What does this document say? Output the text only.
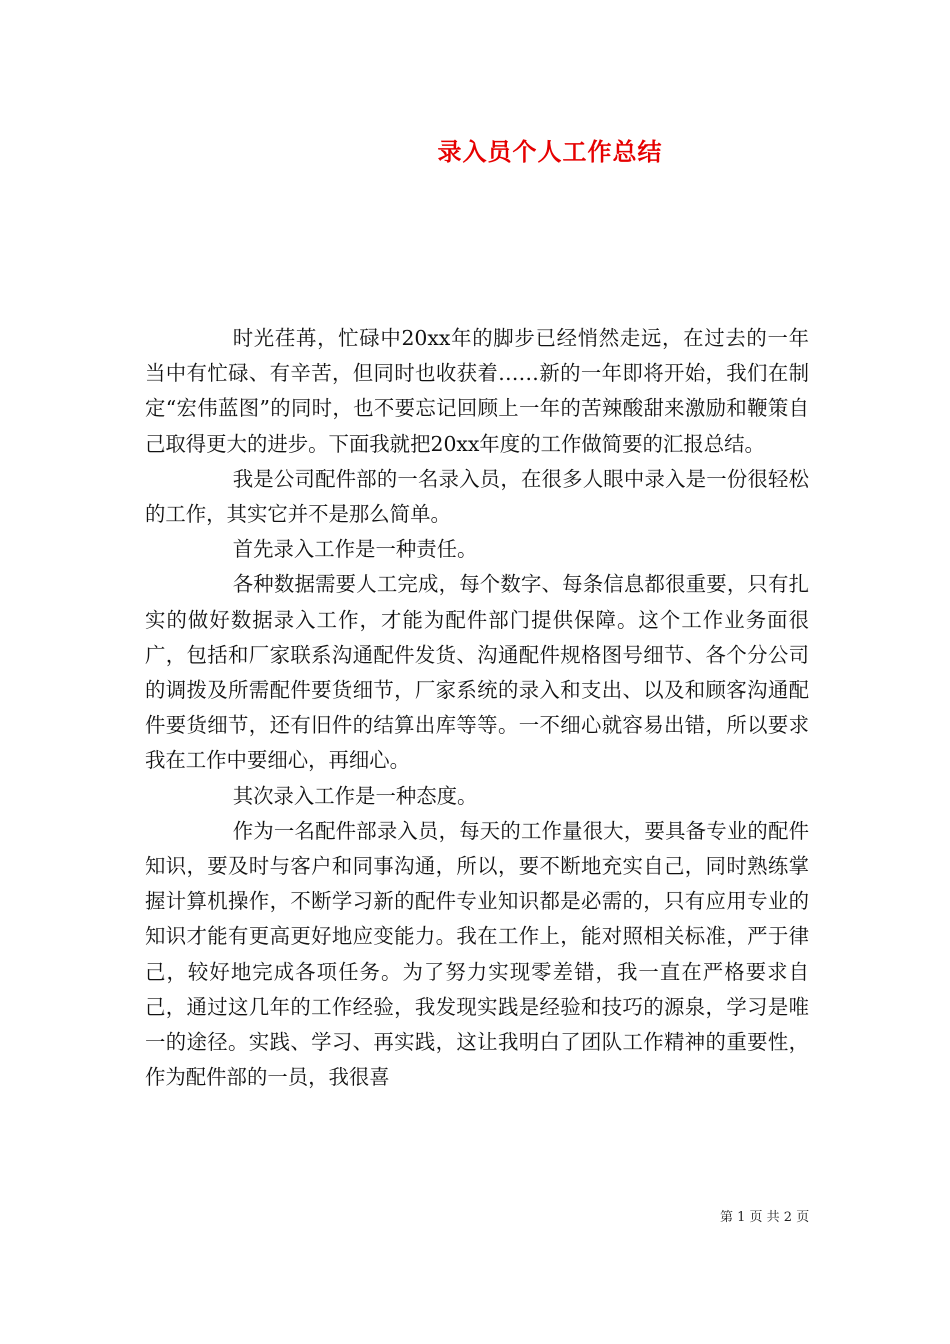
录入员个人工作总结

时光荏苒，忙碌中20xx年的脚步已经悄然走远，在过去的一年当中有忙碌、有辛苦，但同时也收获着……新的一年即将开始，我们在制定“宏伟蓝图”的同时，也不要忘记回顾上一年的苦辣酸甜来激励和鞭策自己取得更大的进步。下面我就把20xx年度的工作做简要的汇报总结。

我是公司配件部的一名录入员，在很多人眼中录入是一份很轻松的工作，其实它并不是那么简单。

首先录入工作是一种责任。

各种数据需要人工完成，每个数字、每条信息都很重要，只有扎实的做好数据录入工作，才能为配件部门提供保障。这个工作业务面很广，包括和厂家联系沟通配件发货、沟通配件规格图号细节、各个分公司的调拨及所需配件要货细节，厂家系统的录入和支出、以及和顾客沟通配件要货细节，还有旧件的结算出库等等。一不细心就容易出错，所以要求我在工作中要细心，再细心。

其次录入工作是一种态度。

作为一名配件部录入员，每天的工作量很大，要具备专业的配件知识，要及时与客户和同事沟通，所以，要不断地充实自己，同时熟练掌握计算机操作，不断学习新的配件专业知识都是必需的，只有应用专业的知识才能有更高更好地应变能力。我在工作上，能对照相关标准，严于律己，较好地完成各项任务。为了努力实现零差错，我一直在严格要求自己，通过这几年的工作经验，我发现实践是经验和技巧的源泉，学习是唯一的途径。实践、学习、再实践，这让我明白了团队工作精神的重要性，作为配件部的一员，我很喜

第 1 页 共 2 页
